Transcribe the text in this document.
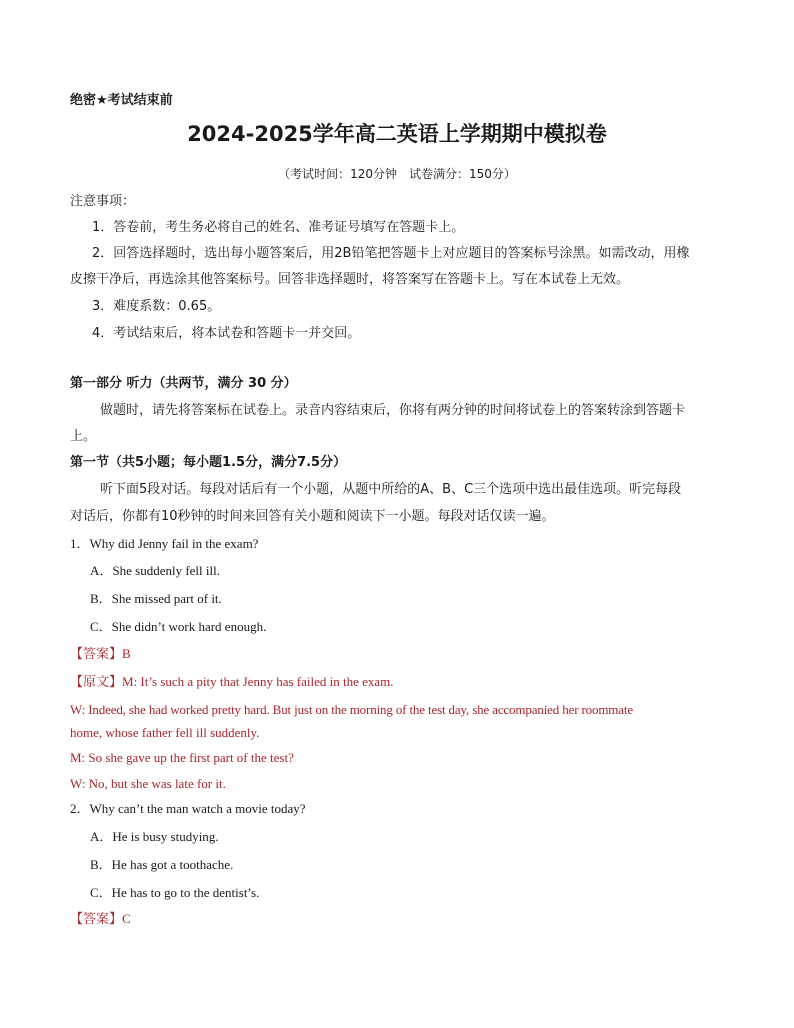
绝密★考试结束前
2024-2025学年高二英语上学期期中模拟卷
（考试时间：120分钟　试卷满分：150分）
注意事项：
1．答卷前，考生务必将自己的姓名、准考证号填写在答题卡上。
2．回答选择题时，选出每小题答案后，用2B铅笔把答题卡上对应题目的答案标号涂黑。如需改动，用橡
皮擦干净后，再选涂其他答案标号。回答非选择题时，将答案写在答题卡上。写在本试卷上无效。
3．难度系数：0.65。
4．考试结束后，将本试卷和答题卡一并交回。
第一部分 听力（共两节，满分 30 分）
做题时，请先将答案标在试卷上。录音内容结束后，你将有两分钟的时间将试卷上的答案转涂到答题卡
上。
第一节（共5小题；每小题1.5分，满分7.5分）
听下面5段对话。每段对话后有一个小题，从题中所给的A、B、C三个选项中选出最佳选项。听完每段
对话后，你都有10秒钟的时间来回答有关小题和阅读下一小题。每段对话仅读一遍。
1．Why did Jenny fail in the exam?
A．She suddenly fell ill.
B．She missed part of it.
C．She didn’t work hard enough.
【答案】B
【原文】M: It’s such a pity that Jenny has failed in the exam.
W: Indeed, she had worked pretty hard. But just on the morning of the test day, she accompanied her roommate
home, whose father fell ill suddenly.
M: So she gave up the first part of the test?
W: No, but she was late for it.
2．Why can’t the man watch a movie today?
A．He is busy studying.
B．He has got a toothache.
C．He has to go to the dentist’s.
【答案】C
